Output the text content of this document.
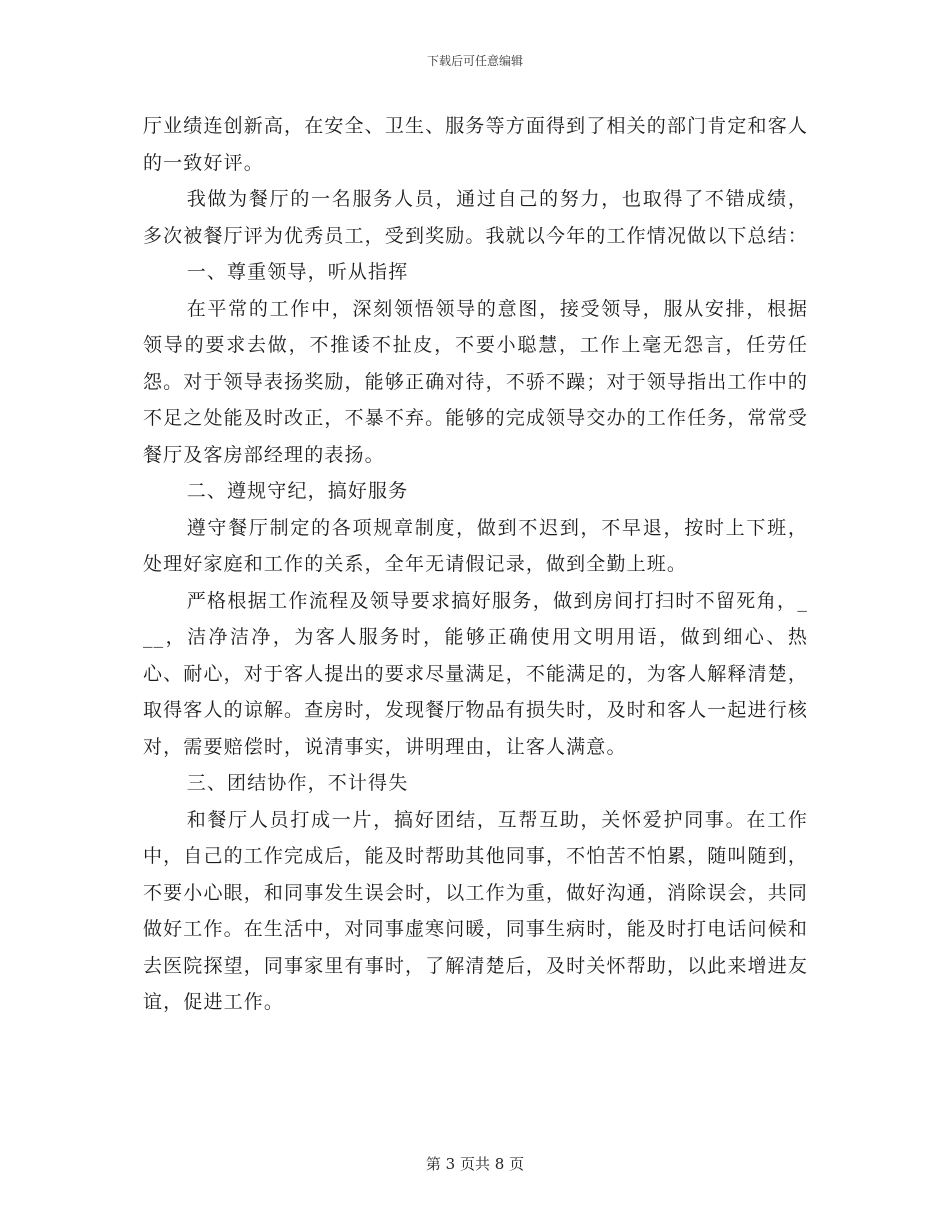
下载后可任意编辑

厅业绩连创新高，在安全、卫生、服务等方面得到了相关的部门肯定和客人的一致好评。

我做为餐厅的一名服务人员，通过自己的努力，也取得了不错成绩，多次被餐厅评为优秀员工，受到奖励。我就以今年的工作情况做以下总结：

一、尊重领导，听从指挥

在平常的工作中，深刻领悟领导的意图，接受领导，服从安排，根据领导的要求去做，不推诿不扯皮，不要小聪慧，工作上毫无怨言，任劳任怨。对于领导表扬奖励，能够正确对待，不骄不躁；对于领导指出工作中的不足之处能及时改正，不暴不弃。能够的完成领导交办的工作任务，常常受餐厅及客房部经理的表扬。

二、遵规守纪，搞好服务

遵守餐厅制定的各项规章制度，做到不迟到，不早退，按时上下班，处理好家庭和工作的关系，全年无请假记录，做到全勤上班。

严格根据工作流程及领导要求搞好服务，做到房间打扫时不留死角，___，洁净洁净，为客人服务时，能够正确使用文明用语，做到细心、热心、耐心，对于客人提出的要求尽量满足，不能满足的，为客人解释清楚，取得客人的谅解。查房时，发现餐厅物品有损失时，及时和客人一起进行核对，需要赔偿时，说清事实，讲明理由，让客人满意。

三、团结协作，不计得失

和餐厅人员打成一片，搞好团结，互帮互助，关怀爱护同事。在工作中，自己的工作完成后，能及时帮助其他同事，不怕苦不怕累，随叫随到，不要小心眼，和同事发生误会时，以工作为重，做好沟通，消除误会，共同做好工作。在生活中，对同事虚寒问暖，同事生病时，能及时打电话问候和去医院探望，同事家里有事时，了解清楚后，及时关怀帮助，以此来增进友谊，促进工作。

第 3 页共 8 页
